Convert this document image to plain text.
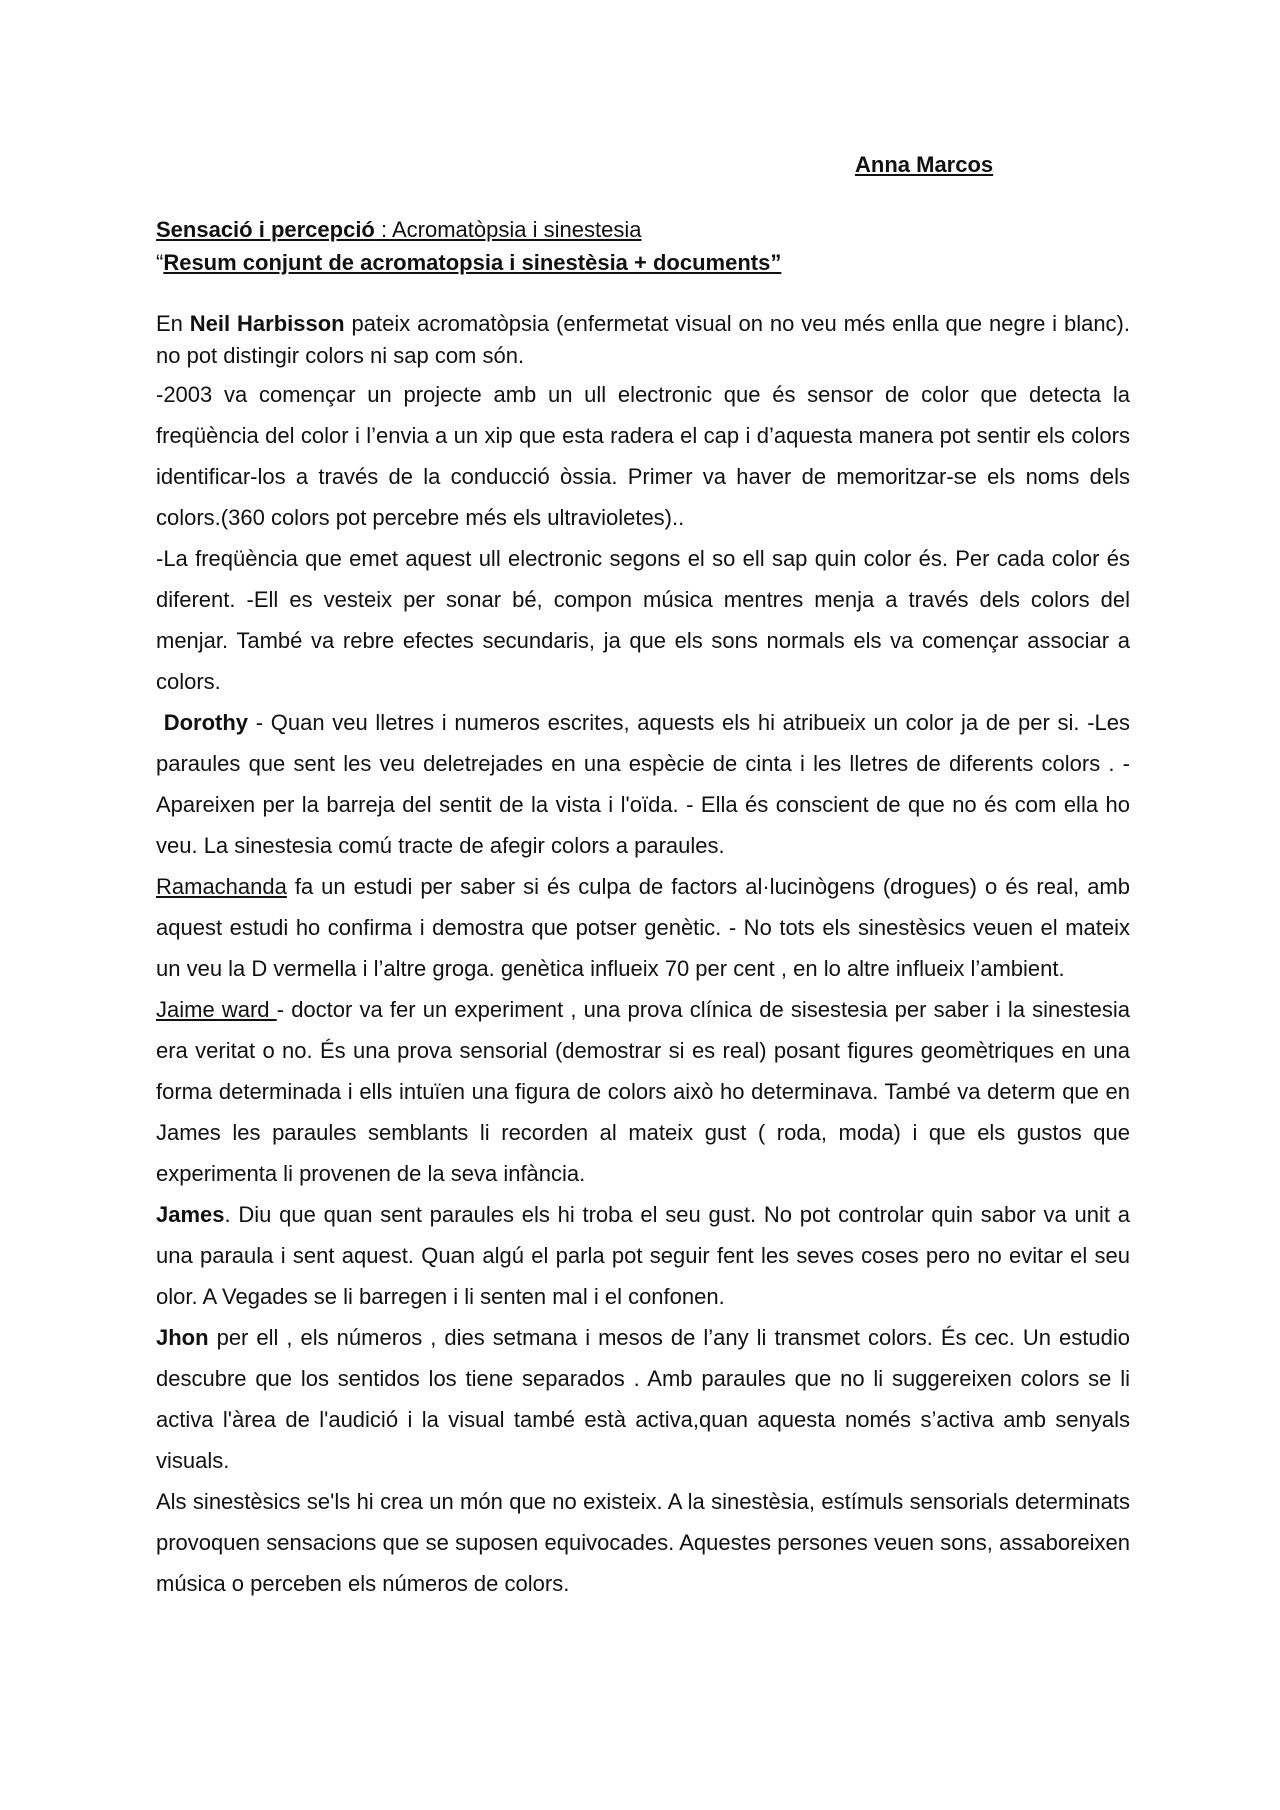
Anna Marcos
Sensació i percepció : Acromatòpsia i sinestesia
“Resum conjunt de acromatopsia i sinestèsia + documents”

En Neil Harbisson pateix acromatòpsia (enfermetat visual on no veu més enlla que negre i blanc). no pot distingir colors ni sap com són.

-2003 va començar un projecte amb un ull electronic que és sensor de color que detecta la freqüència del color i l’envia a un xip que esta radera el cap i d’aquesta manera pot sentir els colors identificar-los a través de la conducció òssia. Primer va haver de memoritzar-se els noms dels colors.(360 colors pot percebre més els ultravioletes)..

-La freqüència que emet aquest ull electronic segons el so ell sap quin color és. Per cada color és diferent. -Ell es vesteix per sonar bé, compon música mentres menja a través dels colors del menjar. També va rebre efectes secundaris, ja que els sons normals els va començar associar a colors.

Dorothy - Quan veu lletres i numeros escrites, aquests els hi atribueix un color ja de per si. -Les paraules que sent les veu deletrejades en una espècie de cinta i les lletres de diferents colors . -Apareixen per la barreja del sentit de la vista i l'oïda. - Ella és conscient de que no és com ella ho veu. La sinestesia comú tracte de afegir colors a paraules.

Ramachanda fa un estudi per saber si és culpa de factors al·lucinògens (drogues) o és real, amb aquest estudi ho confirma i demostra que potser genètic. - No tots els sinestèsics veuen el mateix un veu la D vermella i l’altre groga. genètica influeix 70 per cent , en lo altre influeix l’ambient.

Jaime ward - doctor va fer un experiment , una prova clínica de sisestesia per saber i la sinestesia era veritat o no. És una prova sensorial (demostrar si es real) posant figures geomètriques en una forma determinada i ells intuïen una figura de colors això ho determinava. També va determ que en James les paraules semblants li recorden al mateix gust ( roda, moda) i que els gustos que experimenta li provenen de la seva infància.

James. Diu que quan sent paraules els hi troba el seu gust. No pot controlar quin sabor va unit a una paraula i sent aquest. Quan algú el parla pot seguir fent les seves coses pero no evitar el seu olor. A Vegades se li barregen i li senten mal i el confonen.

Jhon per ell , els números , dies setmana i mesos de l’any li transmet colors. És cec. Un estudio descubre que los sentidos los tiene separados . Amb paraules que no li suggereixen colors se li activa l'àrea de l'audició i la visual també està activa,quan aquesta només s’activa amb senyals visuals.

Als sinestèsics se'ls hi crea un món que no existeix. A la sinestèsia, estímuls sensorials determinats provoquen sensacions que se suposen equivocades. Aquestes persones veuen sons, assaboreixen música o perceben els números de colors.
